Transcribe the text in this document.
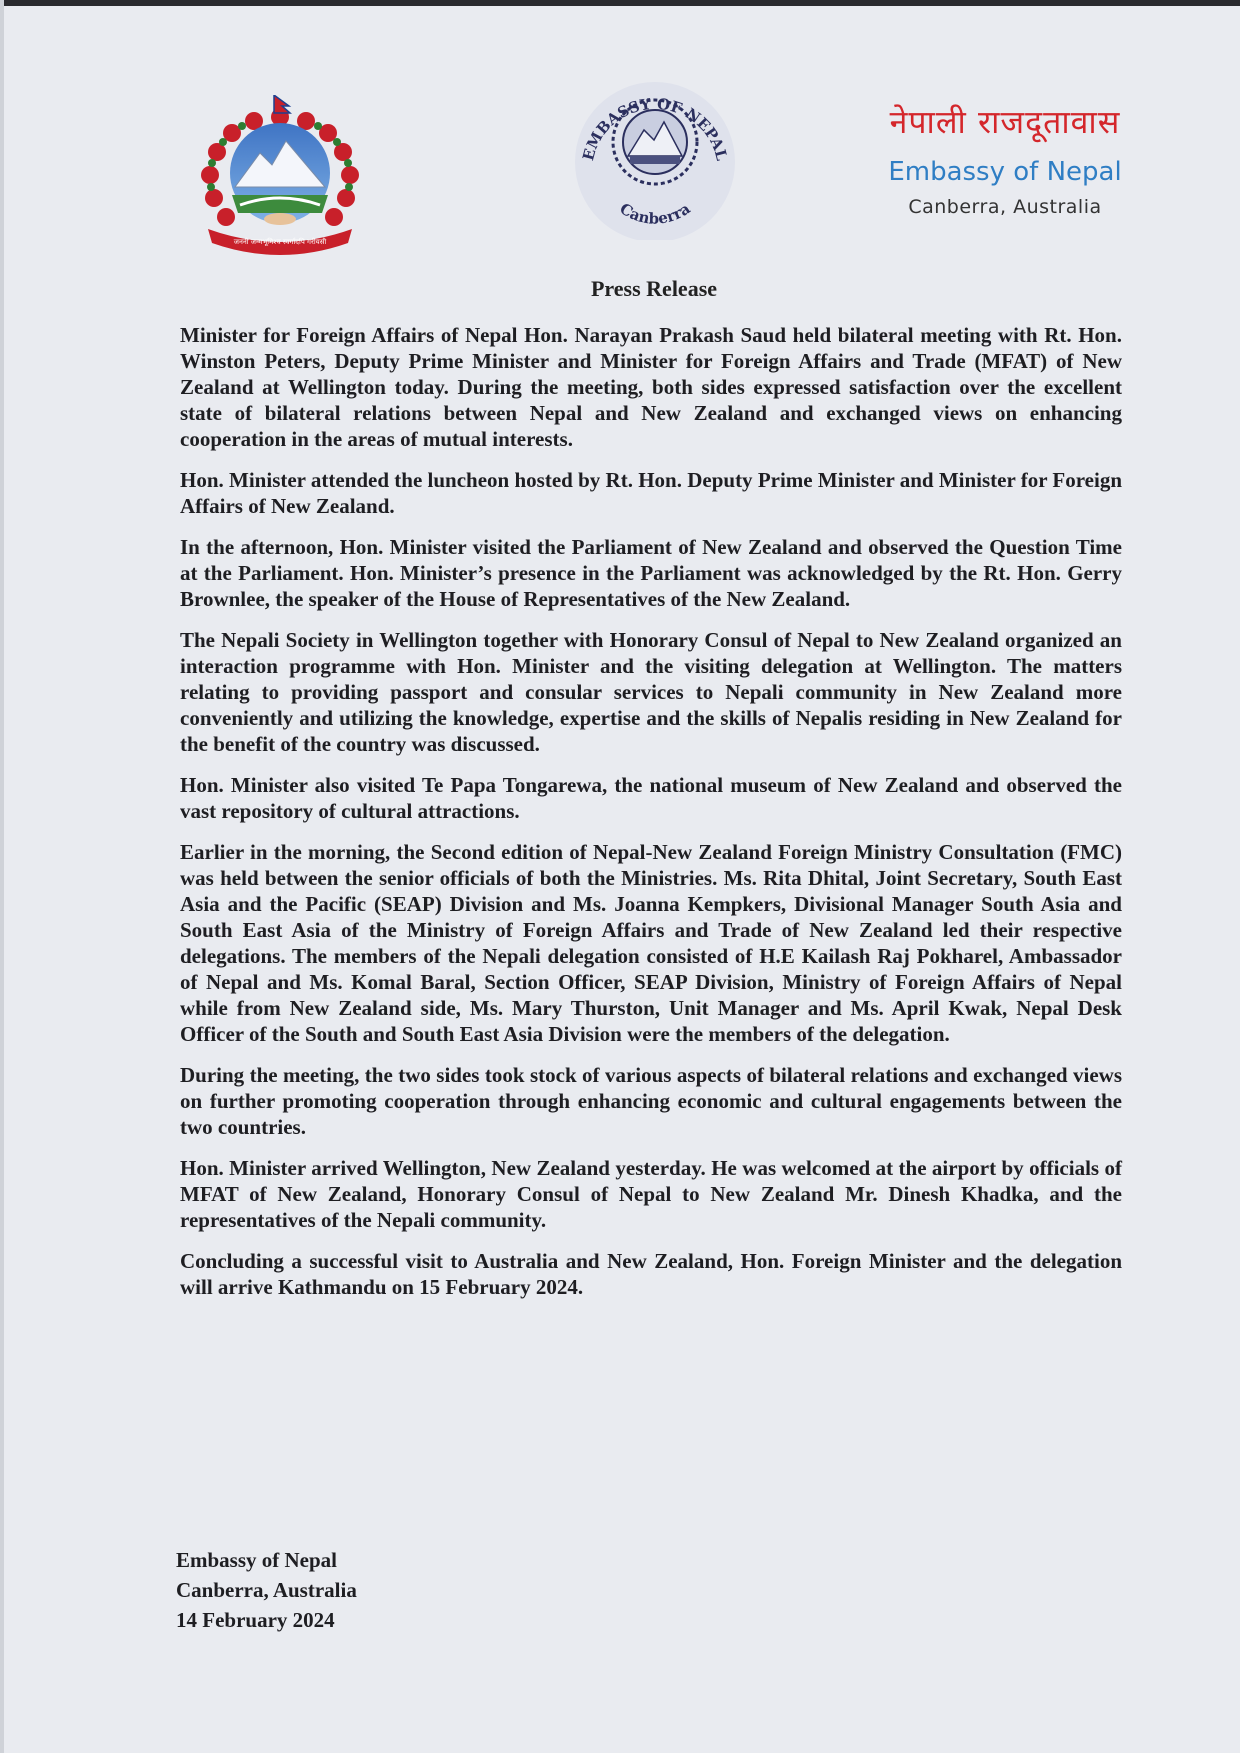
जननी जन्मभूमिश्च स्वर्गादपि गरीयसी
EMBASSY OF NEPAL
Canberra
नेपाली राजदूतावास
Embassy of Nepal
Canberra, Australia
Press Release

Minister for Foreign Affairs of Nepal Hon. Narayan Prakash Saud held bilateral meeting with Rt. Hon. Winston Peters, Deputy Prime Minister and Minister for Foreign Affairs and Trade (MFAT) of New Zealand at Wellington today. During the meeting, both sides expressed satisfaction over the excellent state of bilateral relations between Nepal and New Zealand and exchanged views on enhancing cooperation in the areas of mutual interests.

Hon. Minister attended the luncheon hosted by Rt. Hon. Deputy Prime Minister and Minister for Foreign Affairs of New Zealand.

In the afternoon, Hon. Minister visited the Parliament of New Zealand and observed the Question Time at the Parliament. Hon. Minister’s presence in the Parliament was acknowledged by the Rt. Hon. Gerry Brownlee, the speaker of the House of Representatives of the New Zealand.

The Nepali Society in Wellington together with Honorary Consul of Nepal to New Zealand organized an interaction programme with Hon. Minister and the visiting delegation at Wellington. The matters relating to providing passport and consular services to Nepali community in New Zealand more conveniently and utilizing the knowledge, expertise and the skills of Nepalis residing in New Zealand for the benefit of the country was discussed.

Hon. Minister also visited Te Papa Tongarewa, the national museum of New Zealand and observed the vast repository of cultural attractions.

Earlier in the morning, the Second edition of Nepal-New Zealand Foreign Ministry Consultation (FMC) was held between the senior officials of both the Ministries. Ms. Rita Dhital, Joint Secretary, South East Asia and the Pacific (SEAP) Division and Ms. Joanna Kempkers, Divisional Manager South Asia and South East Asia of the Ministry of Foreign Affairs and Trade of New Zealand led their respective delegations. The members of the Nepali delegation consisted of H.E Kailash Raj Pokharel, Ambassador of Nepal and Ms. Komal Baral, Section Officer, SEAP Division, Ministry of Foreign Affairs of Nepal while from New Zealand side, Ms. Mary Thurston, Unit Manager and Ms. April Kwak, Nepal Desk Officer of the South and South East Asia Division were the members of the delegation.

During the meeting, the two sides took stock of various aspects of bilateral relations and exchanged views on further promoting cooperation through enhancing economic and cultural engagements between the two countries.

Hon. Minister arrived Wellington, New Zealand yesterday. He was welcomed at the airport by officials of MFAT of New Zealand, Honorary Consul of Nepal to New Zealand Mr. Dinesh Khadka, and the representatives of the Nepali community.

Concluding a successful visit to Australia and New Zealand, Hon. Foreign Minister and the delegation will arrive Kathmandu on 15 February 2024.

Embassy of Nepal
Canberra, Australia
14 February 2024
